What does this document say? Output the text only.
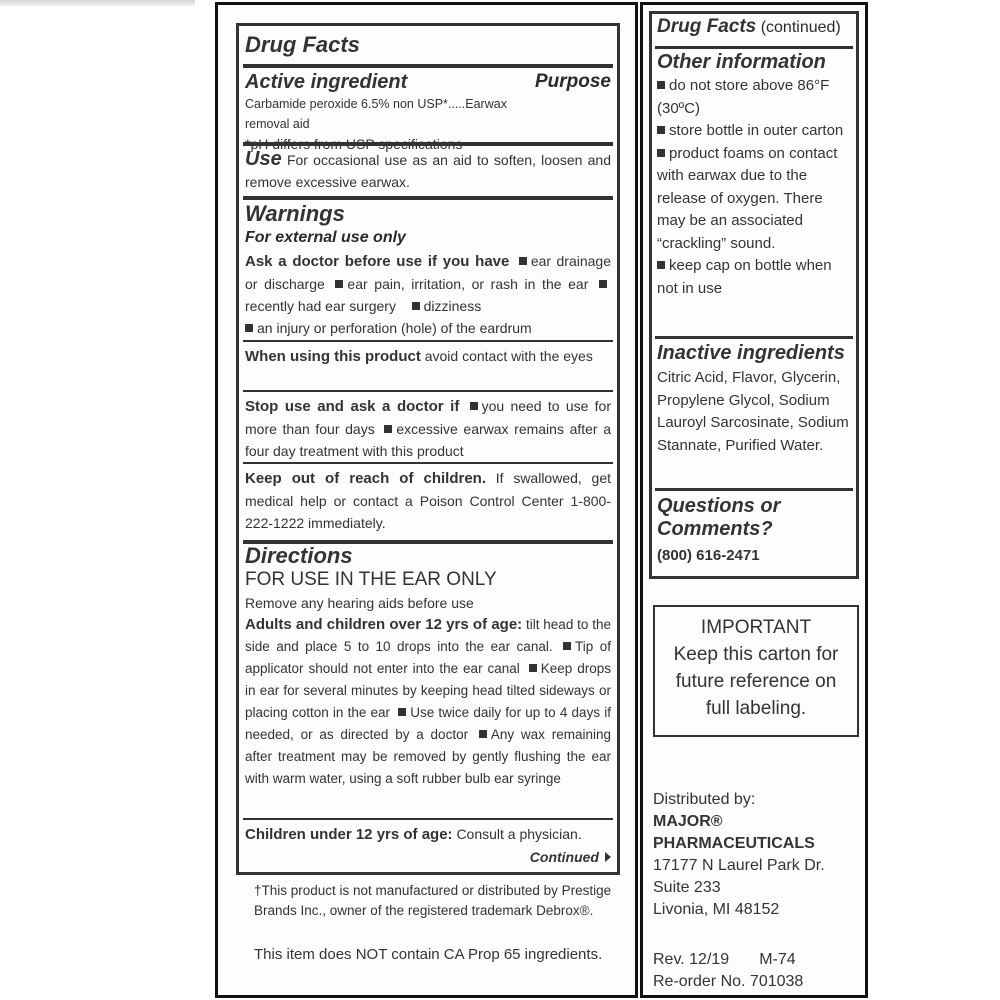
Drug Facts
Active ingredient	Purpose
Carbamide peroxide 6.5% non USP*.....Earwax removal aid
*pH differs from USP specifications
Use For occasional use as an aid to soften, loosen and remove excessive earwax.
Warnings
For external use only
Ask a doctor before use if you have ear drainage or discharge ear pain, irritation, or rash in the ear recently had ear surgery dizziness
an injury or perforation (hole) of the eardrum
When using this product avoid contact with the eyes
Stop use and ask a doctor if you need to use for more than four days excessive earwax remains after a four day treatment with this product
Keep out of reach of children. If swallowed, get medical help or contact a Poison Control Center 1-800-222-1222 immediately.
Directions
FOR USE IN THE EAR ONLY
Remove any hearing aids before use
Adults and children over 12 yrs of age: tilt head to the side and place 5 to 10 drops into the ear canal. Tip of applicator should not enter into the ear canal Keep drops in ear for several minutes by keeping head tilted sideways or placing cotton in the ear Use twice daily for up to 4 days if needed, or as directed by a doctor Any wax remaining after treatment may be removed by gently flushing the ear with warm water, using a soft rubber bulb ear syringe
Children under 12 yrs of age: Consult a physician.
Continued
†This product is not manufactured or distributed by Prestige Brands Inc., owner of the registered trademark Debrox®.
This item does NOT contain CA Prop 65 ingredients.
Drug Facts (continued)
Other information
do not store above 86°F (30ºC)
store bottle in outer carton
product foams on contact with earwax due to the release of oxygen. There may be an associated “crackling” sound.
keep cap on bottle when not in use
Inactive ingredients
Citric Acid, Flavor, Glycerin, Propylene Glycol, Sodium Lauroyl Sarcosinate, Sodium Stannate, Purified Water.
Questions or Comments?
(800) 616-2471
IMPORTANT
Keep this carton for future reference on full labeling.
Distributed by:
MAJOR®
PHARMACEUTICALS
17177 N Laurel Park Dr.
Suite 233
Livonia, MI 48152
Rev. 12/19 M-74
Re-order No. 701038
